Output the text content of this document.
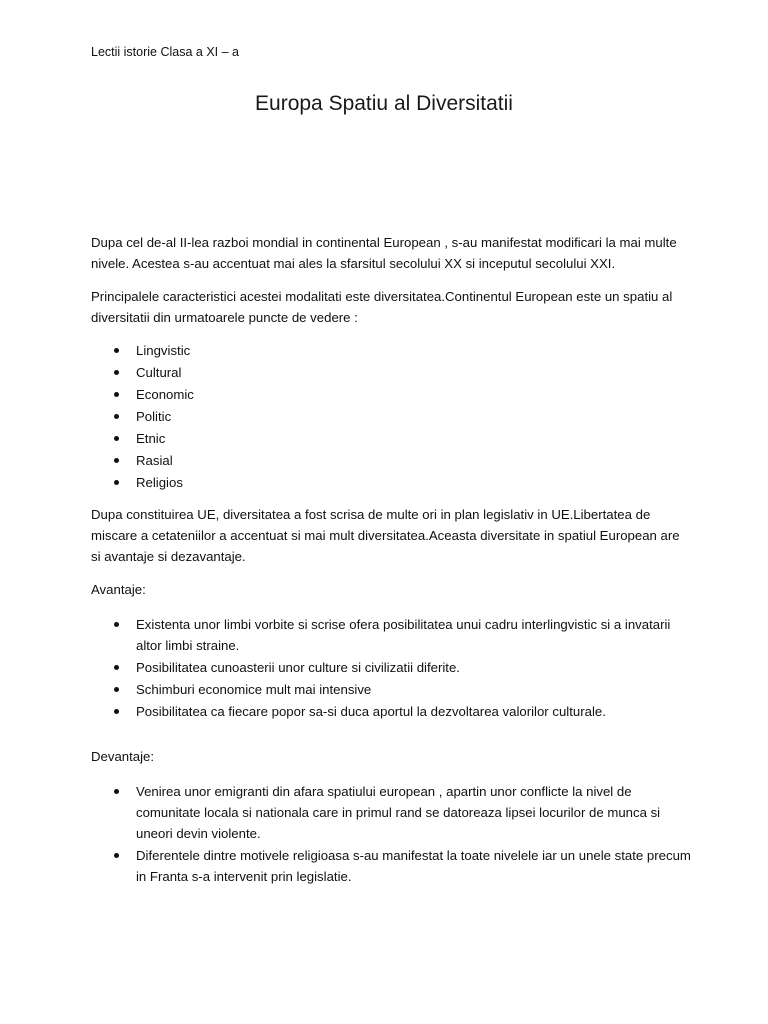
Lectii istorie Clasa a XI – a
Europa Spatiu al Diversitatii

Dupa cel de-al II-lea razboi mondial in continental European , s-au manifestat modificari la mai multe nivele. Acestea s-au accentuat mai ales la sfarsitul secolului XX si inceputul secolului XXI.

Principalele caracteristici acestei modalitati este diversitatea.Continentul European este un spatiu al diversitatii din urmatoarele puncte de vedere :

Lingvistic
Cultural
Economic
Politic
Etnic
Rasial
Religios

Dupa constituirea UE, diversitatea a fost scrisa de multe ori in plan legislativ in UE.Libertatea de miscare a cetateniilor a accentuat si mai mult diversitatea.Aceasta diversitate in spatiul European are si avantaje si dezavantaje.

Avantaje:

Existenta unor limbi vorbite si scrise ofera posibilitatea unui cadru interlingvistic si a invatarii altor limbi straine.
Posibilitatea cunoasterii unor culture si civilizatii diferite.
Schimburi economice mult mai intensive
Posibilitatea ca fiecare popor sa-si duca aportul la dezvoltarea valorilor culturale.

Devantaje:

Venirea unor emigranti din afara spatiului european , apartin unor conflicte la nivel de comunitate locala si nationala care in primul rand se datoreaza lipsei locurilor de munca si uneori devin violente.
Diferentele dintre motivele religioasa s-au manifestat la toate nivelele iar un unele state precum in Franta s-a intervenit prin legislatie.
